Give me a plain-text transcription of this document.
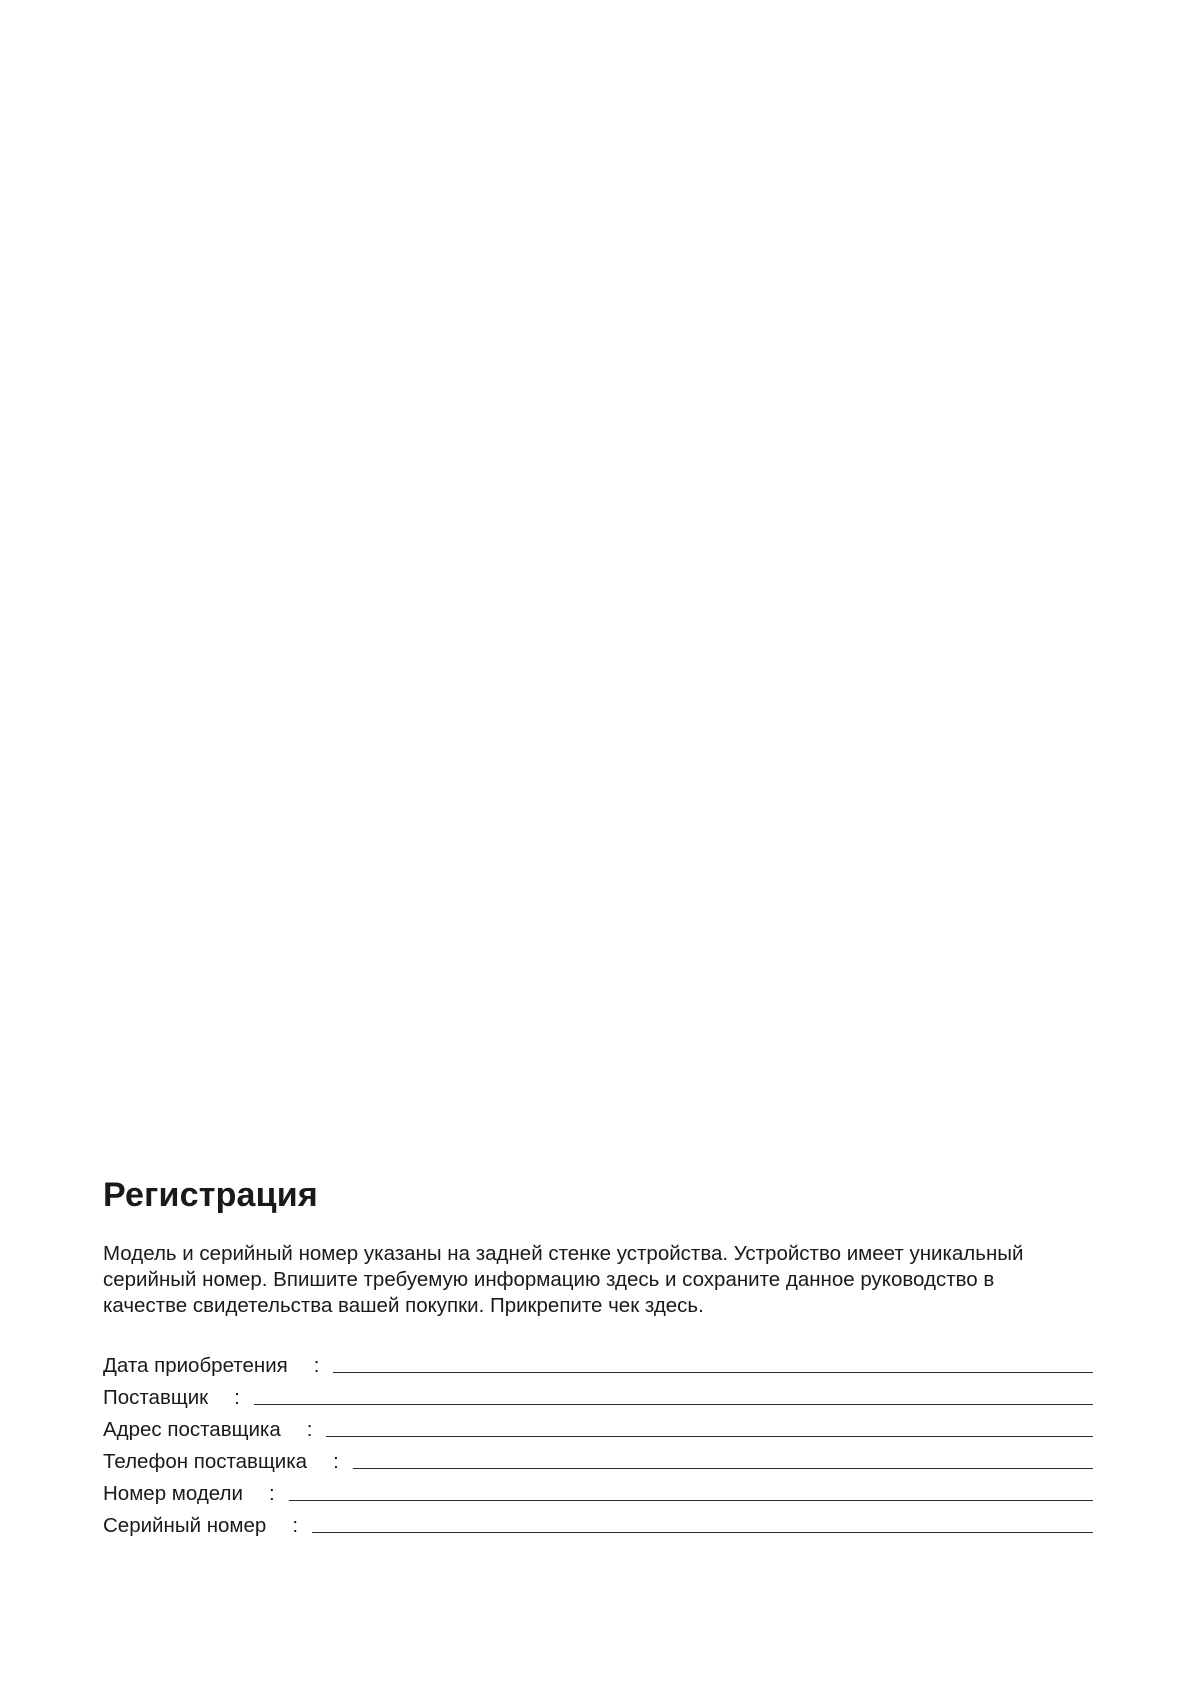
Регистрация

Модель и серийный номер указаны на задней стенке устройства. Устройство имеет уникальный
серийный номер. Впишите требуемую информацию здесь и сохраните данное руководство в
качестве свидетельства вашей покупки. Прикрепите чек здесь.

Дата приобретения :
Поставщик :
Адрес поставщика :
Телефон поставщика :
Номер модели :
Серийный номер :
